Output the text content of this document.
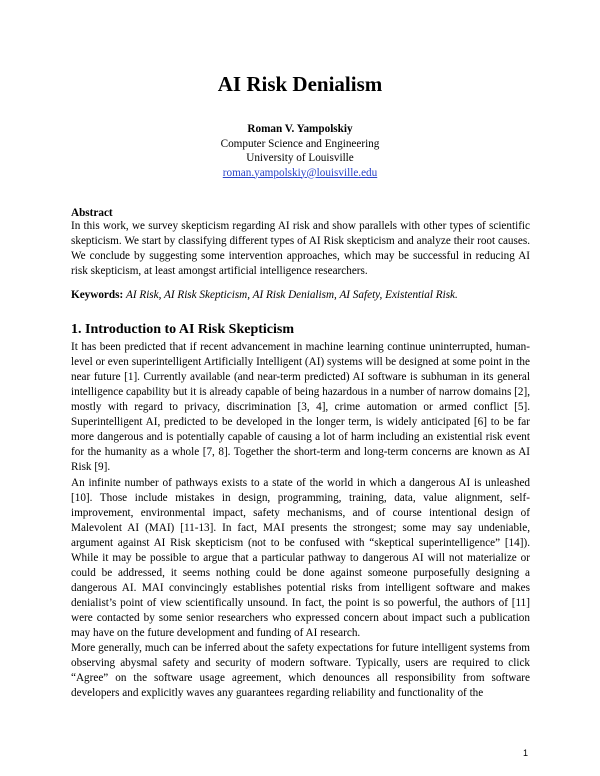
AI Risk Denialism
Roman V. Yampolskiy
Computer Science and Engineering
University of Louisville
roman.yampolskiy@louisville.edu
Abstract

In this work, we survey skepticism regarding AI risk and show parallels with other types of scientific skepticism. We start by classifying different types of AI Risk skepticism and analyze their root causes. We conclude by suggesting some intervention approaches, which may be successful in reducing AI risk skepticism, at least amongst artificial intelligence researchers.

Keywords: AI Risk, AI Risk Skepticism, AI Risk Denialism, AI Safety, Existential Risk.

1. Introduction to AI Risk Skepticism

It has been predicted that if recent advancement in machine learning continue uninterrupted, human-level or even superintelligent Artificially Intelligent (AI) systems will be designed at some point in the near future [1]. Currently available (and near-term predicted) AI software is subhuman in its general intelligence capability but it is already capable of being hazardous in a number of narrow domains [2], mostly with regard to privacy, discrimination [3, 4], crime automation or armed conflict [5]. Superintelligent AI, predicted to be developed in the longer term, is widely anticipated [6] to be far more dangerous and is potentially capable of causing a lot of harm including an existential risk event for the humanity as a whole [7, 8]. Together the short-term and long-term concerns are known as AI Risk [9].

An infinite number of pathways exists to a state of the world in which a dangerous AI is unleashed [10]. Those include mistakes in design, programming, training, data, value alignment, self-improvement, environmental impact, safety mechanisms, and of course intentional design of Malevolent AI (MAI) [11-13]. In fact, MAI presents the strongest; some may say undeniable, argument against AI Risk skepticism (not to be confused with “skeptical superintelligence” [14]). While it may be possible to argue that a particular pathway to dangerous AI will not materialize or could be addressed, it seems nothing could be done against someone purposefully designing a dangerous AI. MAI convincingly establishes potential risks from intelligent software and makes denialist’s point of view scientifically unsound. In fact, the point is so powerful, the authors of [11] were contacted by some senior researchers who expressed concern about impact such a publication may have on the future development and funding of AI research.

More generally, much can be inferred about the safety expectations for future intelligent systems from observing abysmal safety and security of modern software. Typically, users are required to click “Agree” on the software usage agreement, which denounces all responsibility from software developers and explicitly waves any guarantees regarding reliability and functionality of the

1
